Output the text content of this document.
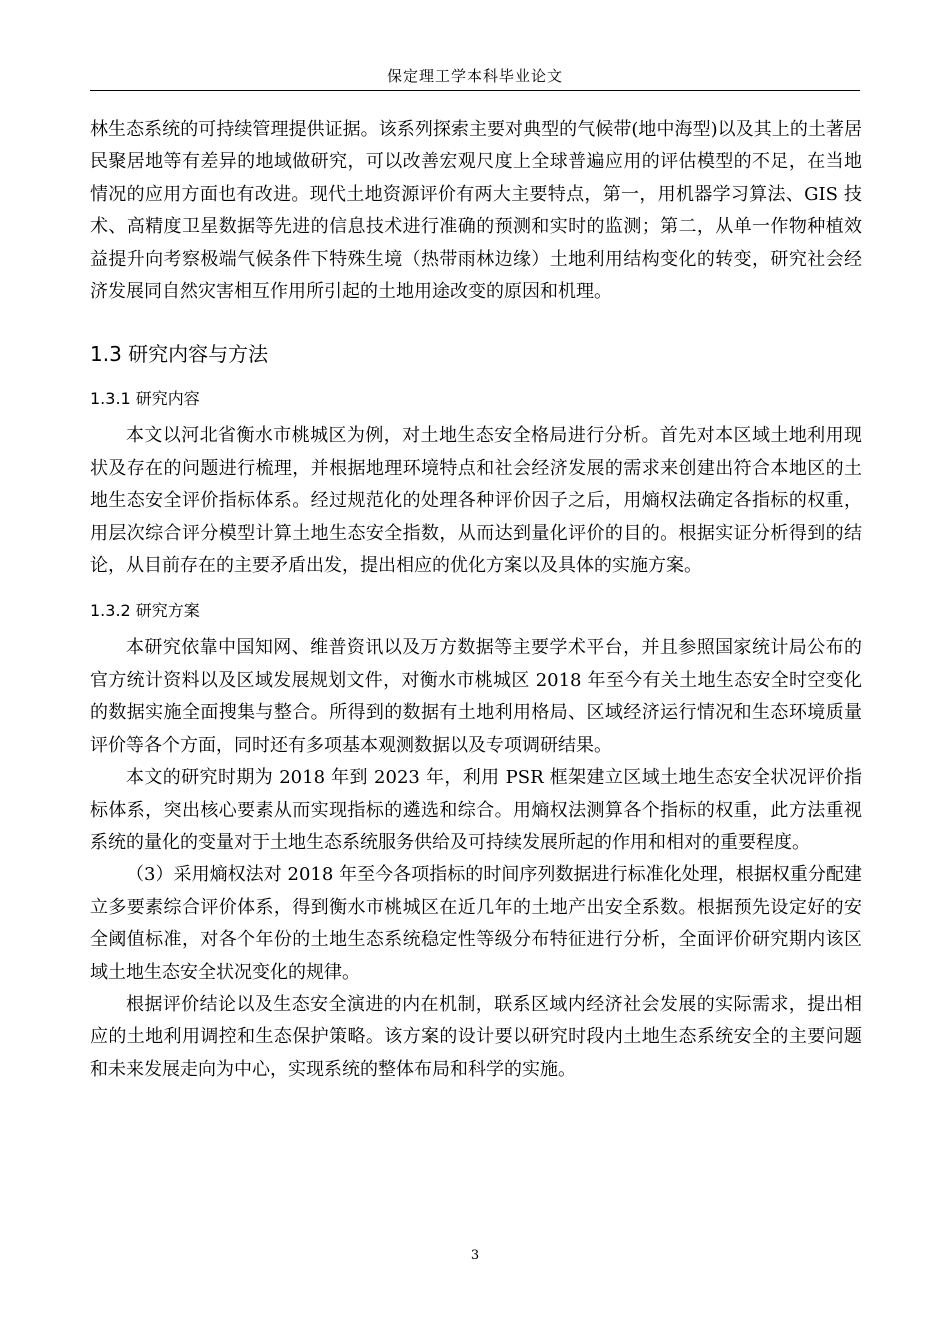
保定理工学本科毕业论文

林生态系统的可持续管理提供证据。该系列探索主要对典型的气候带(地中海型)以及其上的土著居民聚居地等有差异的地域做研究，可以改善宏观尺度上全球普遍应用的评估模型的不足，在当地情况的应用方面也有改进。现代土地资源评价有两大主要特点，第一，用机器学习算法、GIS 技术、高精度卫星数据等先进的信息技术进行准确的预测和实时的监测；第二，从单一作物种植效益提升向考察极端气候条件下特殊生境（热带雨林边缘）土地利用结构变化的转变，研究社会经济发展同自然灾害相互作用所引起的土地用途改变的原因和机理。

1.3 研究内容与方法
1.3.1 研究内容

本文以河北省衡水市桃城区为例，对土地生态安全格局进行分析。首先对本区域土地利用现状及存在的问题进行梳理，并根据地理环境特点和社会经济发展的需求来创建出符合本地区的土地生态安全评价指标体系。经过规范化的处理各种评价因子之后，用熵权法确定各指标的权重，用层次综合评分模型计算土地生态安全指数，从而达到量化评价的目的。根据实证分析得到的结论，从目前存在的主要矛盾出发，提出相应的优化方案以及具体的实施方案。

1.3.2 研究方案

本研究依靠中国知网、维普资讯以及万方数据等主要学术平台，并且参照国家统计局公布的官方统计资料以及区域发展规划文件，对衡水市桃城区 2018 年至今有关土地生态安全时空变化的数据实施全面搜集与整合。所得到的数据有土地利用格局、区域经济运行情况和生态环境质量评价等各个方面，同时还有多项基本观测数据以及专项调研结果。

本文的研究时期为 2018 年到 2023 年，利用 PSR 框架建立区域土地生态安全状况评价指标体系，突出核心要素从而实现指标的遴选和综合。用熵权法测算各个指标的权重，此方法重视系统的量化的变量对于土地生态系统服务供给及可持续发展所起的作用和相对的重要程度。

（3）采用熵权法对 2018 年至今各项指标的时间序列数据进行标准化处理，根据权重分配建立多要素综合评价体系，得到衡水市桃城区在近几年的土地产出安全系数。根据预先设定好的安全阈值标准，对各个年份的土地生态系统稳定性等级分布特征进行分析，全面评价研究期内该区域土地生态安全状况变化的规律。

根据评价结论以及生态安全演进的内在机制，联系区域内经济社会发展的实际需求，提出相应的土地利用调控和生态保护策略。该方案的设计要以研究时段内土地生态系统安全的主要问题和未来发展走向为中心，实现系统的整体布局和科学的实施。

3
